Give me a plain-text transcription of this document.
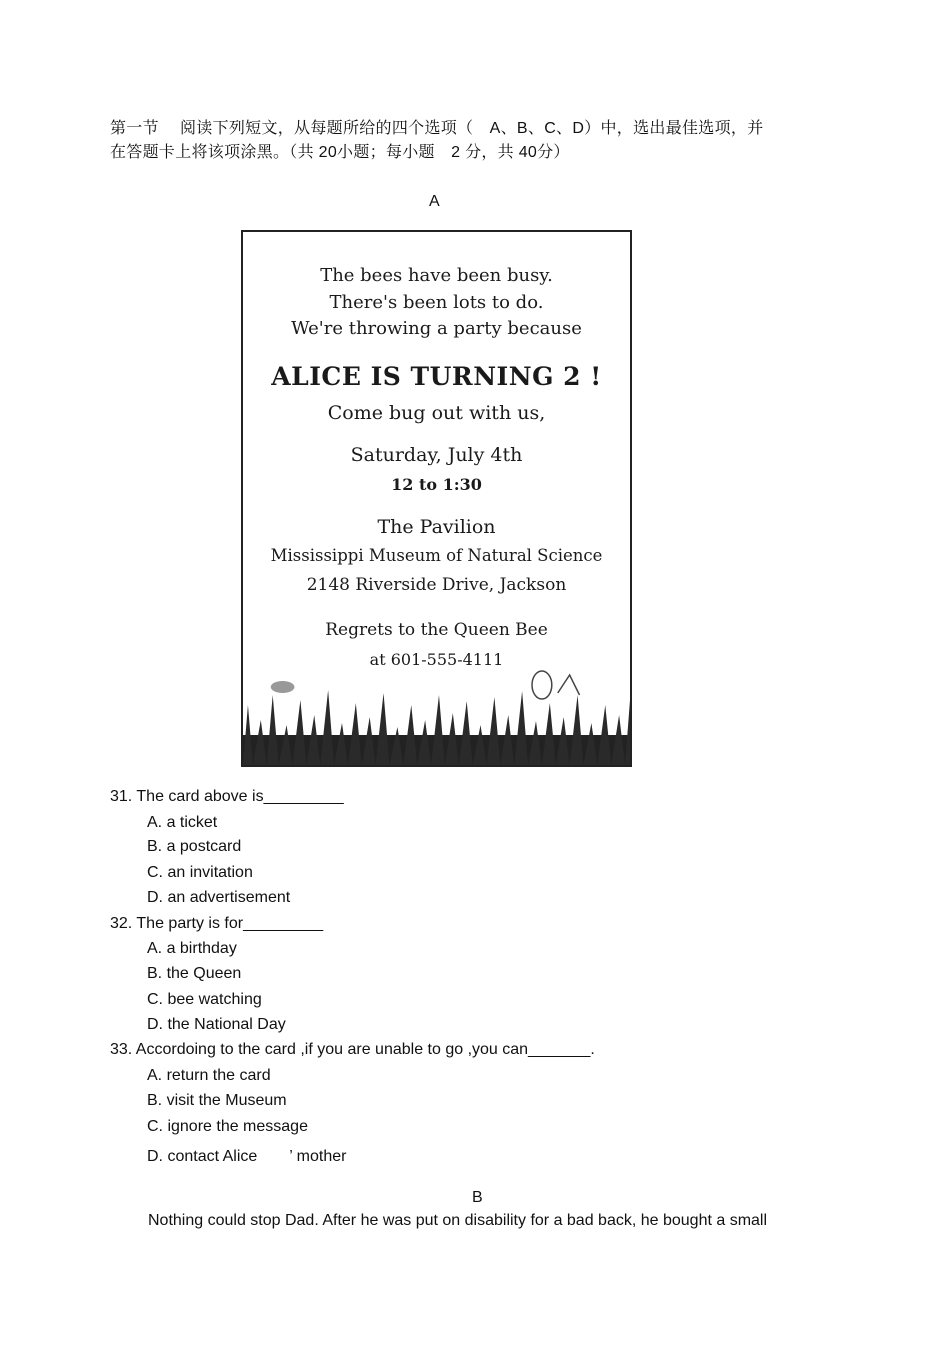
第一节　 阅读下列短文，从每题所给的四个选项（　A、B、C、D）中，选出最佳选项，并
在答题卡上将该项涂黑。（共 20小题；每小题　2 分，共 40分）
A
The bees have been busy.
There's been lots to do.
We're throwing a party because
ALICE IS TURNING 2 !
Come bug out with us,
Saturday, July 4th
12 to 1:30
The Pavilion
Mississippi Museum of Natural Science
2148 Riverside Drive, Jackson
Regrets to the Queen Bee
at 601-555-4111
31. The card above is_________
A. a ticket
B. a postcard
C. an invitation
D. an advertisement
32. The party is for_________
A. a birthday
B. the Queen
C. bee watching
D. the National Day
33. Accordoing to the card ,if you are unable to go ,you can_______.
A. return the card
B. visit the Museum
C. ignore the message
D. contact Alice　　’ mother
B
Nothing could stop Dad. After he was put on disability for a bad back, he bought a small
